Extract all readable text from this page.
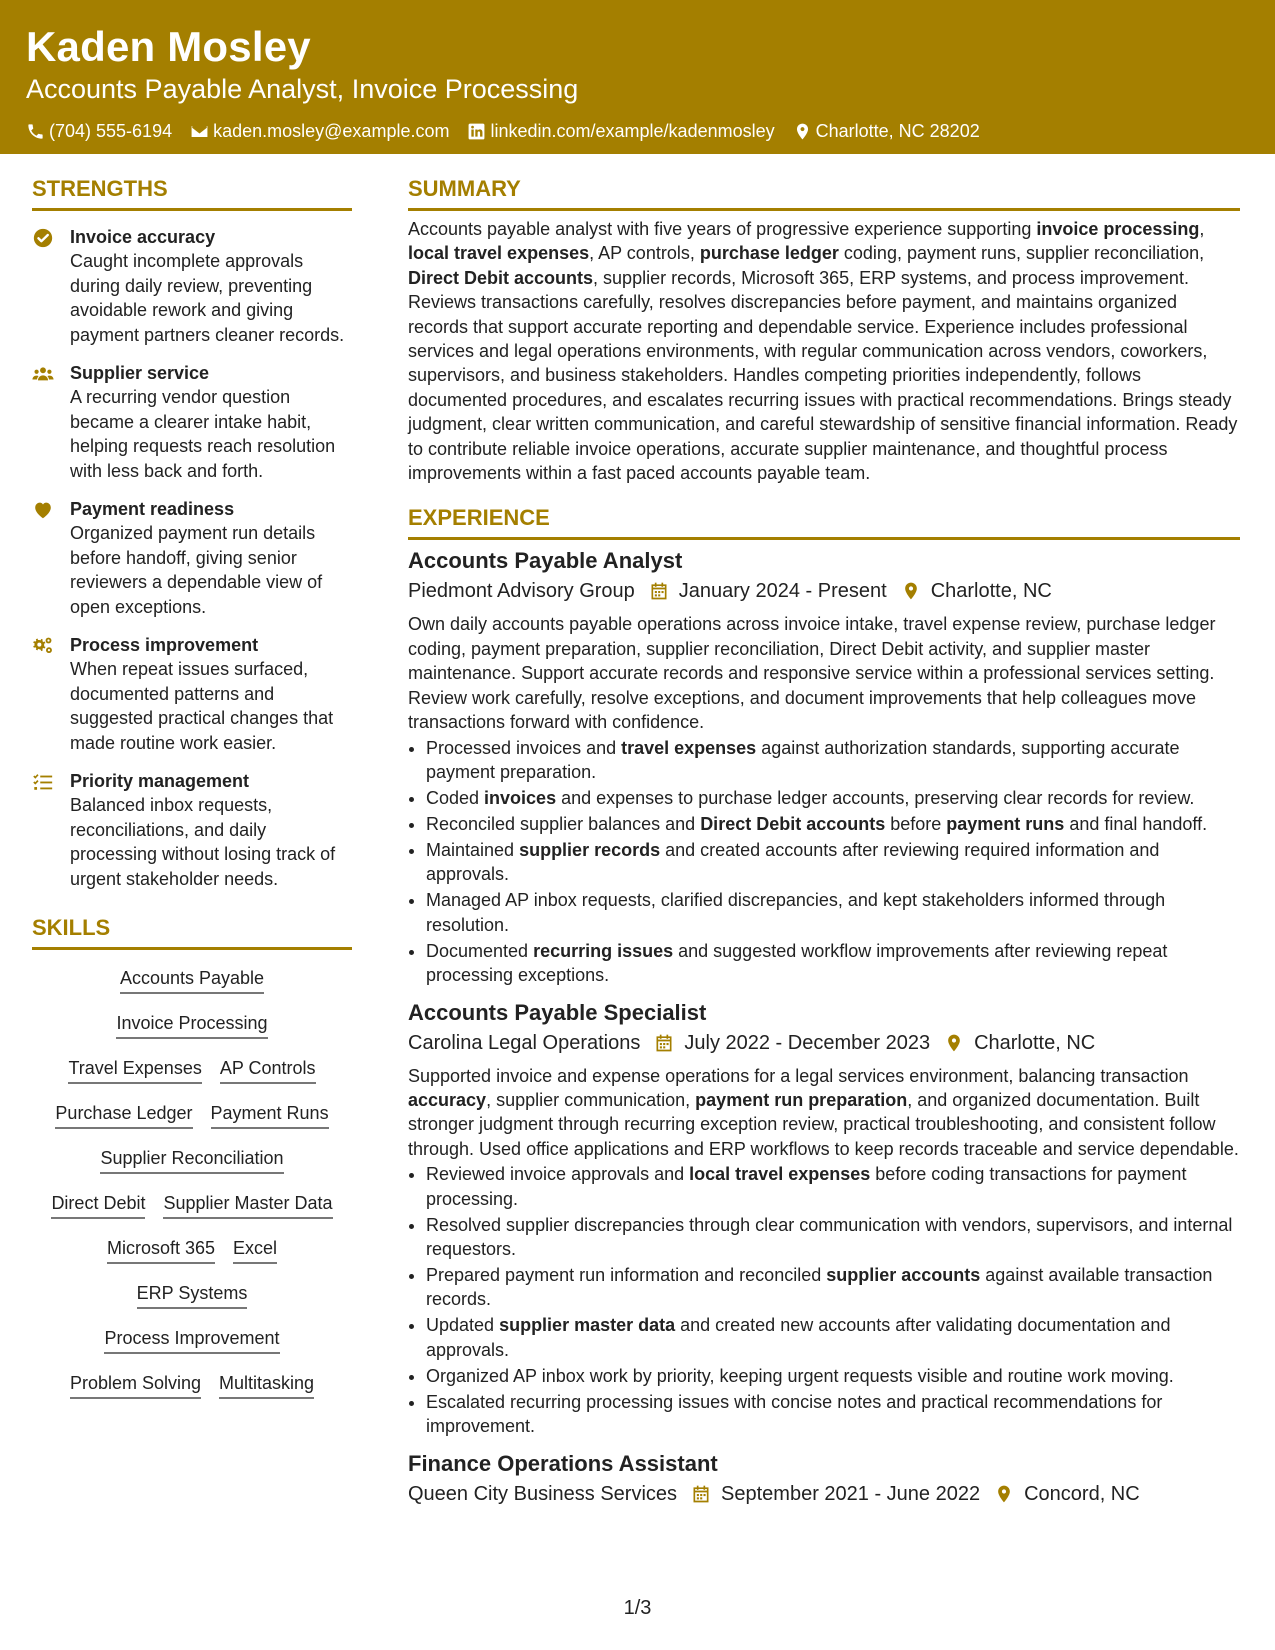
Kaden Mosley
Accounts Payable Analyst, Invoice Processing
(704) 555-6194 kaden.mosley@example.com linkedin.com/example/kadenmosley Charlotte, NC 28202
STRENGTHS
Invoice accuracy
Caught incomplete approvals during daily review, preventing avoidable rework and giving payment partners cleaner records.
Supplier service
A recurring vendor question became a clearer intake habit, helping requests reach resolution with less back and forth.
Payment readiness
Organized payment run details before handoff, giving senior reviewers a dependable view of open exceptions.
Process improvement
When repeat issues surfaced, documented patterns and suggested practical changes that made routine work easier.
Priority management
Balanced inbox requests, reconciliations, and daily processing without losing track of urgent stakeholder needs.
SKILLS
Accounts Payable
Invoice Processing
Travel Expenses AP Controls
Purchase Ledger Payment Runs
Supplier Reconciliation
Direct Debit Supplier Master Data
Microsoft 365 Excel
ERP Systems
Process Improvement
Problem Solving Multitasking
SUMMARY
Accounts payable analyst with five years of progressive experience supporting invoice processing, local travel expenses, AP controls, purchase ledger coding, payment runs, supplier reconciliation, Direct Debit accounts, supplier records, Microsoft 365, ERP systems, and process improvement. Reviews transactions carefully, resolves discrepancies before payment, and maintains organized records that support accurate reporting and dependable service. Experience includes professional services and legal operations environments, with regular communication across vendors, coworkers, supervisors, and business stakeholders. Handles competing priorities independently, follows documented procedures, and escalates recurring issues with practical recommendations. Brings steady judgment, clear written communication, and careful stewardship of sensitive financial information. Ready to contribute reliable invoice operations, accurate supplier maintenance, and thoughtful process improvements within a fast paced accounts payable team.
EXPERIENCE
Accounts Payable Analyst
Piedmont Advisory Group January 2024 - Present Charlotte, NC
Own daily accounts payable operations across invoice intake, travel expense review, purchase ledger coding, payment preparation, supplier reconciliation, Direct Debit activity, and supplier master maintenance. Support accurate records and responsive service within a professional services setting. Review work carefully, resolve exceptions, and document improvements that help colleagues move transactions forward with confidence.
• Processed invoices and travel expenses against authorization standards, supporting accurate payment preparation.
• Coded invoices and expenses to purchase ledger accounts, preserving clear records for review.
• Reconciled supplier balances and Direct Debit accounts before payment runs and final handoff.
• Maintained supplier records and created accounts after reviewing required information and approvals.
• Managed AP inbox requests, clarified discrepancies, and kept stakeholders informed through resolution.
• Documented recurring issues and suggested workflow improvements after reviewing repeat processing exceptions.
Accounts Payable Specialist
Carolina Legal Operations July 2022 - December 2023 Charlotte, NC
Supported invoice and expense operations for a legal services environment, balancing transaction accuracy, supplier communication, payment run preparation, and organized documentation. Built stronger judgment through recurring exception review, practical troubleshooting, and consistent follow through. Used office applications and ERP workflows to keep records traceable and service dependable.
• Reviewed invoice approvals and local travel expenses before coding transactions for payment processing.
• Resolved supplier discrepancies through clear communication with vendors, supervisors, and internal requestors.
• Prepared payment run information and reconciled supplier accounts against available transaction records.
• Updated supplier master data and created new accounts after validating documentation and approvals.
• Organized AP inbox work by priority, keeping urgent requests visible and routine work moving.
• Escalated recurring processing issues with concise notes and practical recommendations for improvement.
Finance Operations Assistant
Queen City Business Services September 2021 - June 2022 Concord, NC
1/3
